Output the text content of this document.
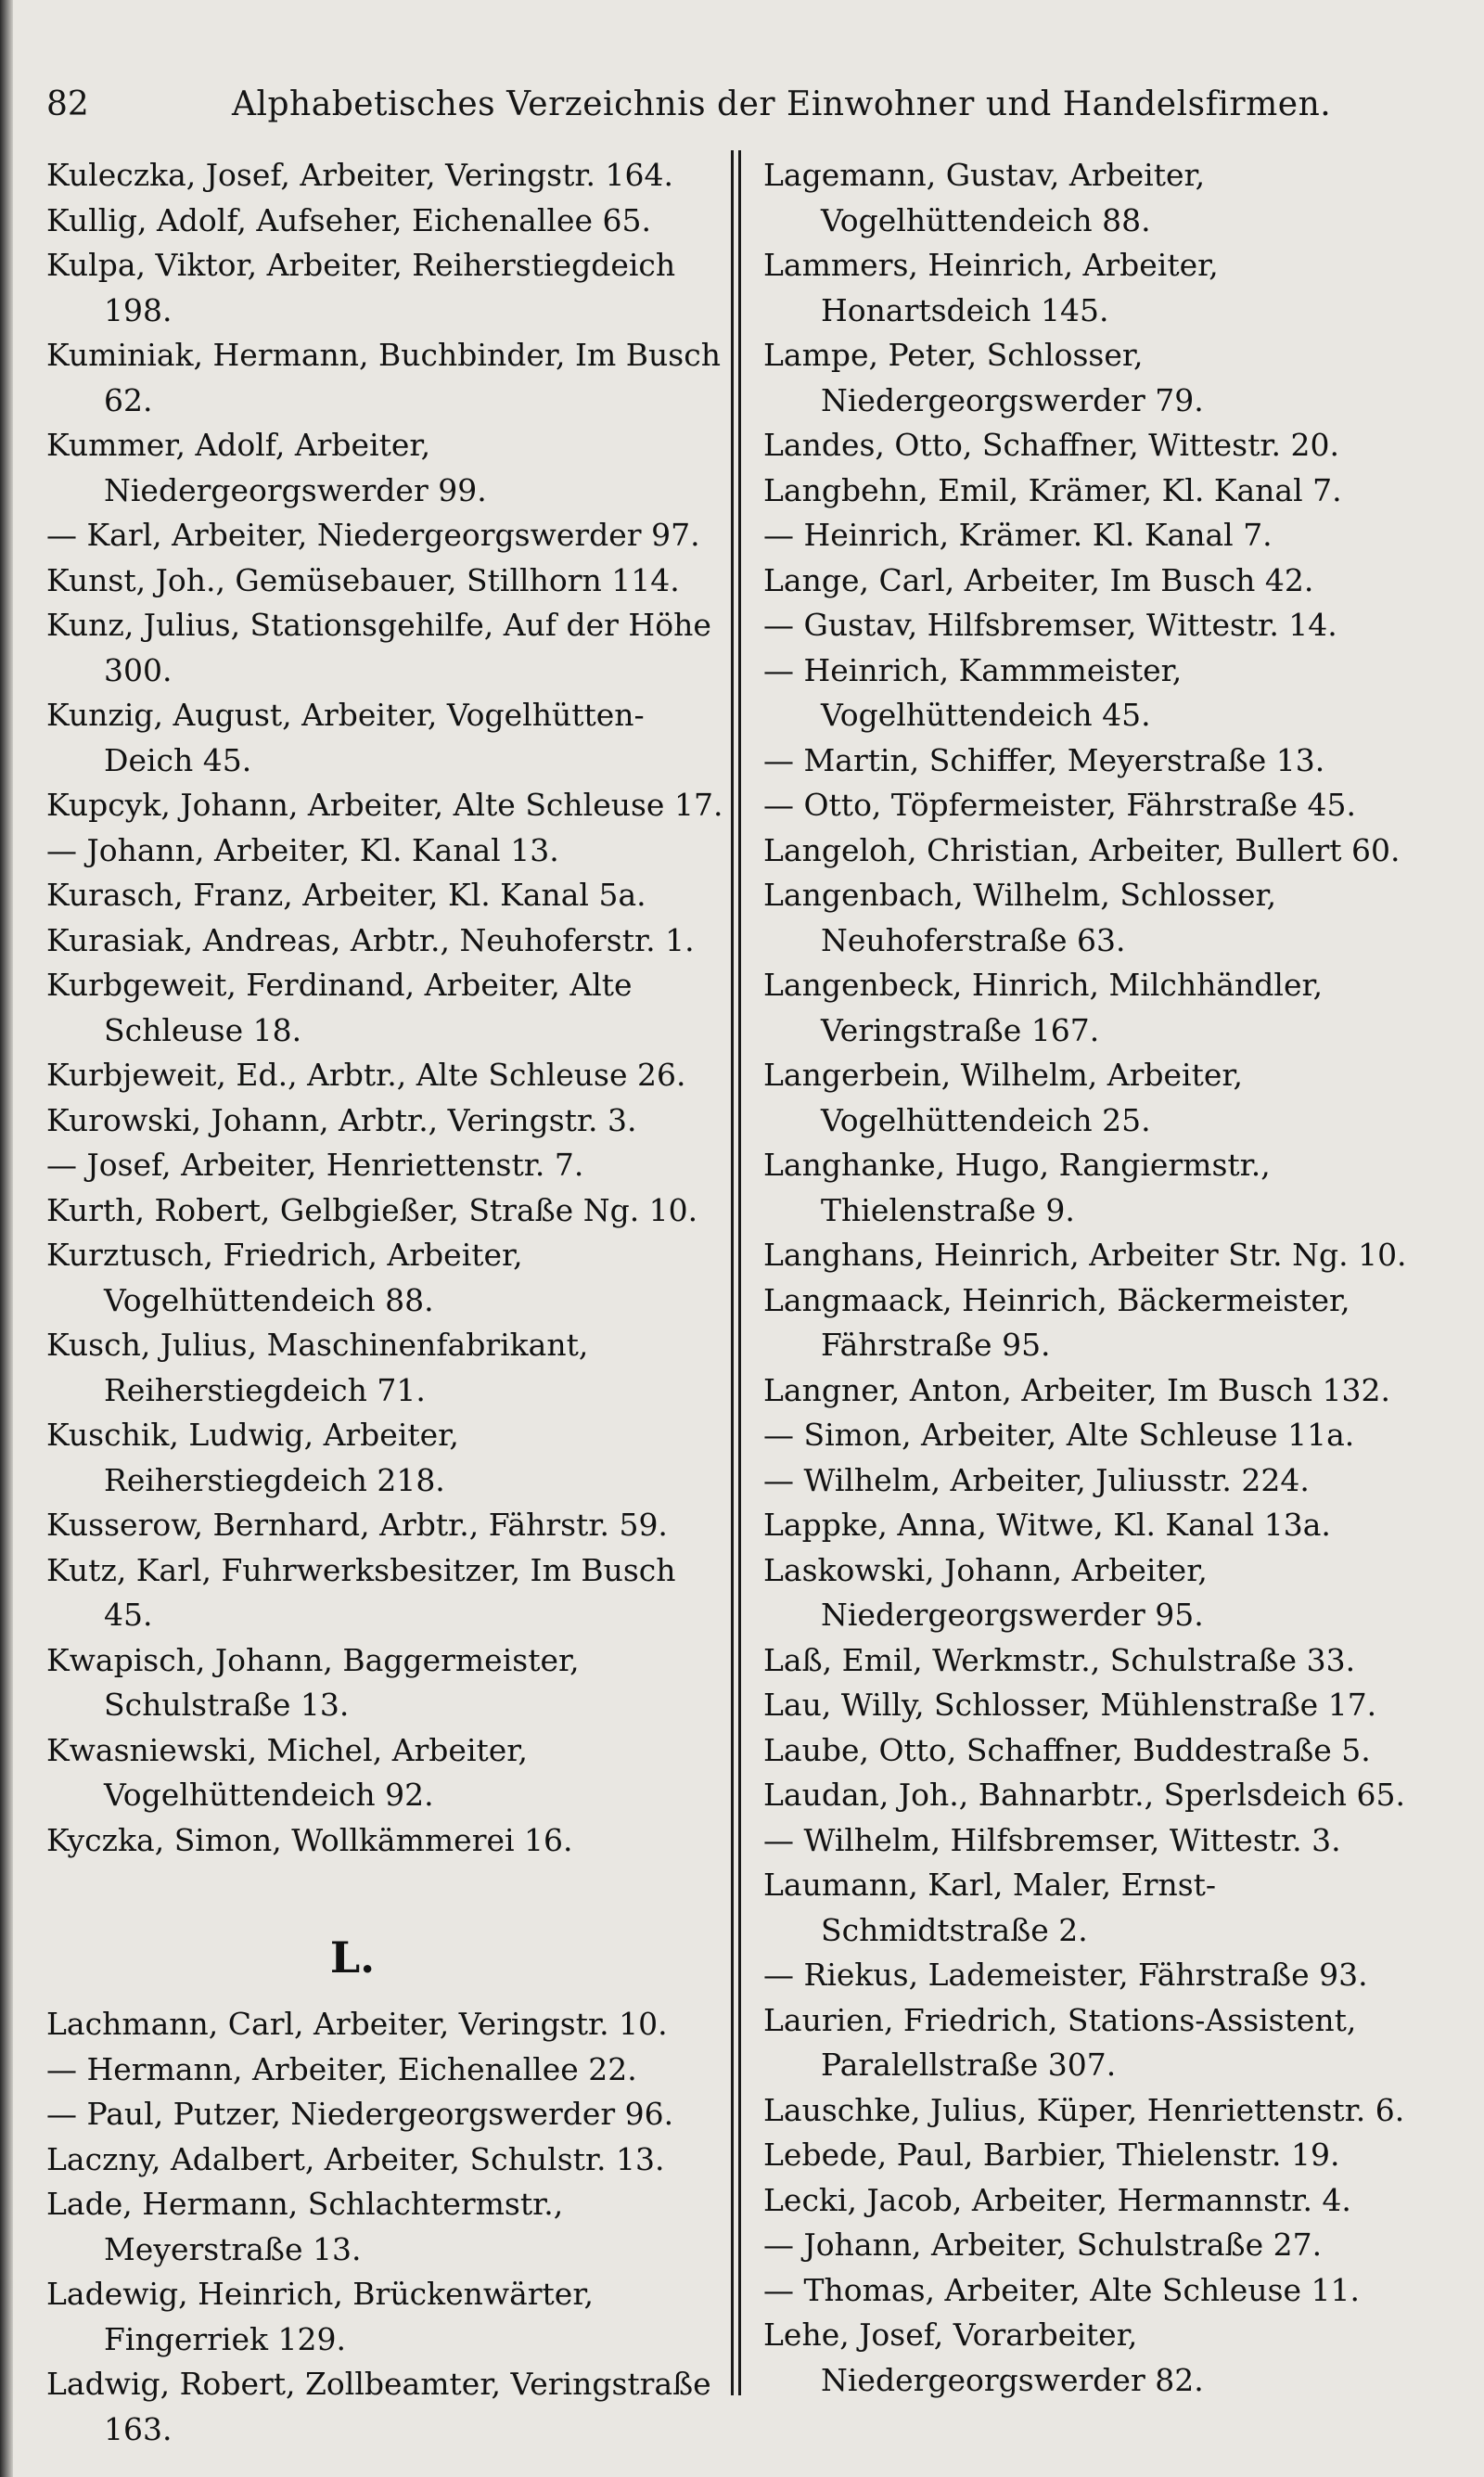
82	Alphabetisches Verzeichnis der Einwohner und Handelsfirmen.
Kuleczka, Josef, Arbeiter, Veringstr. 164.
Kullig, Adolf, Aufseher, Eichenallee 65.
Kulpa, Viktor, Arbeiter, Reiherstiegdeich 198.
Kuminiak, Hermann, Buchbinder, Im Busch 62.
Kummer, Adolf, Arbeiter, Niedergeorgswerder 99.
— Karl, Arbeiter, Niedergeorgswerder 97.
Kunst, Joh., Gemüsebauer, Stillhorn 114.
Kunz, Julius, Stationsgehilfe, Auf der Höhe 300.
Kunzig, August, Arbeiter, Vogelhütten-Deich 45.
Kupcyk, Johann, Arbeiter, Alte Schleuse 17.
— Johann, Arbeiter, Kl. Kanal 13.
Kurasch, Franz, Arbeiter, Kl. Kanal 5a.
Kurasiak, Andreas, Arbtr., Neuhoferstr. 1.
Kurbgeweit, Ferdinand, Arbeiter, Alte Schleuse 18.
Kurbjeweit, Ed., Arbtr., Alte Schleuse 26.
Kurowski, Johann, Arbtr., Veringstr. 3.
— Josef, Arbeiter, Henriettenstr. 7.
Kurth, Robert, Gelbgießer, Straße Ng. 10.
Kurztusch, Friedrich, Arbeiter, Vogelhüttendeich 88.
Kusch, Julius, Maschinenfabrikant, Reiherstiegdeich 71.
Kuschik, Ludwig, Arbeiter, Reiherstiegdeich 218.
Kusserow, Bernhard, Arbtr., Fährstr. 59.
Kutz, Karl, Fuhrwerksbesitzer, Im Busch 45.
Kwapisch, Johann, Baggermeister, Schulstraße 13.
Kwasniewski, Michel, Arbeiter, Vogelhüttendeich 92.
Kyczka, Simon, Wollkämmerei 16.
L.
Lachmann, Carl, Arbeiter, Veringstr. 10.
— Hermann, Arbeiter, Eichenallee 22.
— Paul, Putzer, Niedergeorgswerder 96.
Laczny, Adalbert, Arbeiter, Schulstr. 13.
Lade, Hermann, Schlachtermstr., Meyerstraße 13.
Ladewig, Heinrich, Brückenwärter, Fingerriek 129.
Ladwig, Robert, Zollbeamter, Veringstraße 163.
Lagemann, Gustav, Arbeiter, Vogelhüttendeich 88.
Lammers, Heinrich, Arbeiter, Honartsdeich 145.
Lampe, Peter, Schlosser, Niedergeorgswerder 79.
Landes, Otto, Schaffner, Wittestr. 20.
Langbehn, Emil, Krämer, Kl. Kanal 7.
— Heinrich, Krämer. Kl. Kanal 7.
Lange, Carl, Arbeiter, Im Busch 42.
— Gustav, Hilfsbremser, Wittestr. 14.
— Heinrich, Kammmeister, Vogelhüttendeich 45.
— Martin, Schiffer, Meyerstraße 13.
— Otto, Töpfermeister, Fährstraße 45.
Langeloh, Christian, Arbeiter, Bullert 60.
Langenbach, Wilhelm, Schlosser, Neuhoferstraße 63.
Langenbeck, Hinrich, Milchhändler, Veringstraße 167.
Langerbein, Wilhelm, Arbeiter, Vogelhüttendeich 25.
Langhanke, Hugo, Rangiermstr., Thielenstraße 9.
Langhans, Heinrich, Arbeiter Str. Ng. 10.
Langmaack, Heinrich, Bäckermeister, Fährstraße 95.
Langner, Anton, Arbeiter, Im Busch 132.
— Simon, Arbeiter, Alte Schleuse 11a.
— Wilhelm, Arbeiter, Juliusstr. 224.
Lappke, Anna, Witwe, Kl. Kanal 13a.
Laskowski, Johann, Arbeiter, Niedergeorgswerder 95.
Laß, Emil, Werkmstr., Schulstraße 33.
Lau, Willy, Schlosser, Mühlenstraße 17.
Laube, Otto, Schaffner, Buddestraße 5.
Laudan, Joh., Bahnarbtr., Sperlsdeich 65.
— Wilhelm, Hilfsbremser, Wittestr. 3.
Laumann, Karl, Maler, Ernst-Schmidtstraße 2.
— Riekus, Lademeister, Fährstraße 93.
Laurien, Friedrich, Stations-Assistent, Paralellstraße 307.
Lauschke, Julius, Küper, Henriettenstr. 6.
Lebede, Paul, Barbier, Thielenstr. 19.
Lecki, Jacob, Arbeiter, Hermannstr. 4.
— Johann, Arbeiter, Schulstraße 27.
— Thomas, Arbeiter, Alte Schleuse 11.
Lehe, Josef, Vorarbeiter, Niedergeorgswerder 82.
